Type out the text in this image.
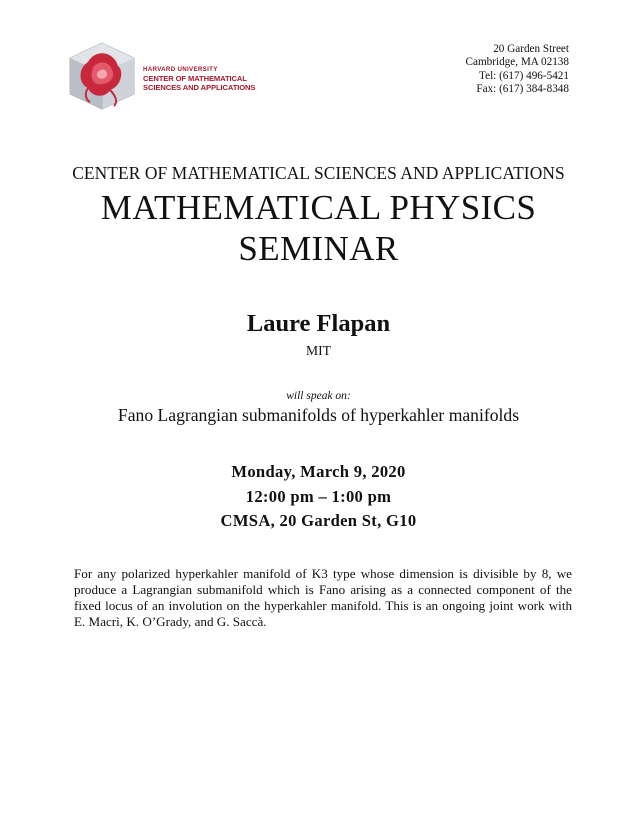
HARVARD UNIVERSITY
CENTER OF MATHEMATICAL
SCIENCES AND APPLICATIONS
20 Garden Street
Cambridge, MA 02138
Tel: (617) 496-5421
Fax: (617) 384-8348
CENTER OF MATHEMATICAL SCIENCES AND APPLICATIONS
MATHEMATICAL PHYSICS
SEMINAR
Laure Flapan
MIT
will speak on:
Fano Lagrangian submanifolds of hyperkahler manifolds
Monday, March 9, 2020
12:00 pm – 1:00 pm
CMSA, 20 Garden St, G10
For any polarized hyperkahler manifold of K3 type whose dimension is divisible by 8, we produce a Lagrangian submanifold which is Fano arising as a connected component of the fixed locus of an involution on the hyperkahler manifold. This is an ongoing joint work with E. Macrì, K. O’Grady, and G. Saccà.
